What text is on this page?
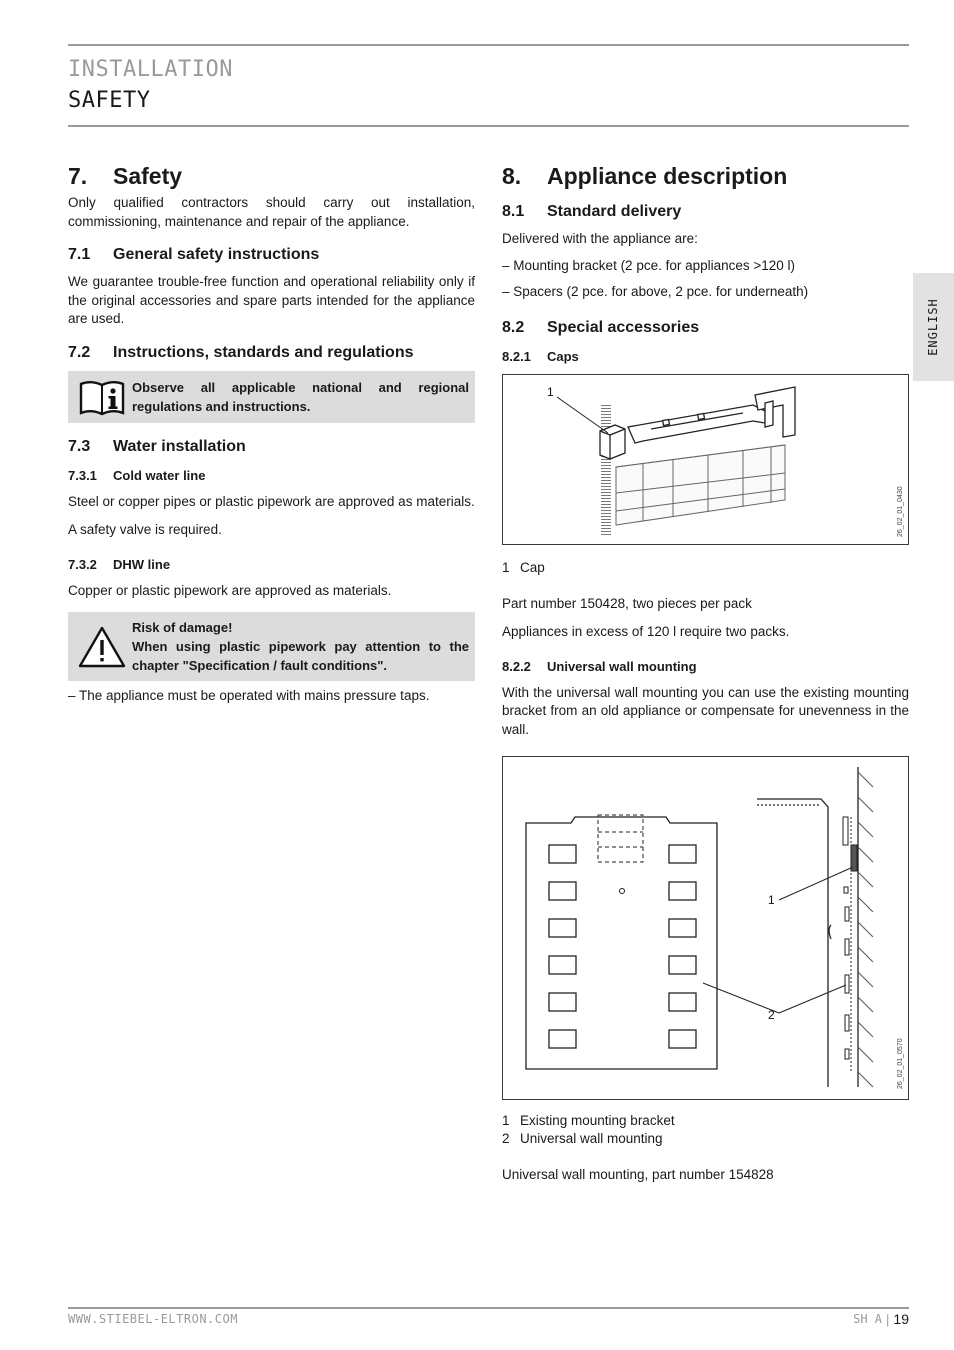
INSTALLATION
SAFETY
ENGLISH
7.	Safety
Only qualified contractors should carry out installation, commissioning, maintenance and repair of the appliance.
7.1	General safety instructions
We guarantee trouble-free function and operational reliability only if the original accessories and spare parts intended for the appliance are used.
7.2	Instructions, standards and regulations
Observe all applicable national and regional regulations and instructions.
7.3	Water installation
7.3.1	Cold water line
Steel or copper pipes or plastic pipework are approved as materials.
A safety valve is required.
7.3.2	DHW line
Copper or plastic pipework are approved as materials.
Risk of damage!
When using plastic pipework pay attention to the chapter "Specification / fault conditions".
– The appliance must be operated with mains pressure taps.
8.	Appliance description
8.1	Standard delivery
Delivered with the appliance are:
– Mounting bracket (2 pce. for appliances >120 l)
– Spacers (2 pce. for above, 2 pce. for underneath)
8.2	Special accessories
8.2.1	Caps
1
26_02_01_0430
1 Cap
Part number 150428, two pieces per pack
Appliances in excess of 120 l require two packs.
8.2.2	Universal wall mounting
With the universal wall mounting you can use the existing mounting bracket from an old appliance or compensate for unevenness in the wall.
1
2
26_02_01_0570
1 Existing mounting bracket
2 Universal wall mounting
Universal wall mounting, part number 154828
WWW.STIEBEL-ELTRON.COM	SH A | 19
